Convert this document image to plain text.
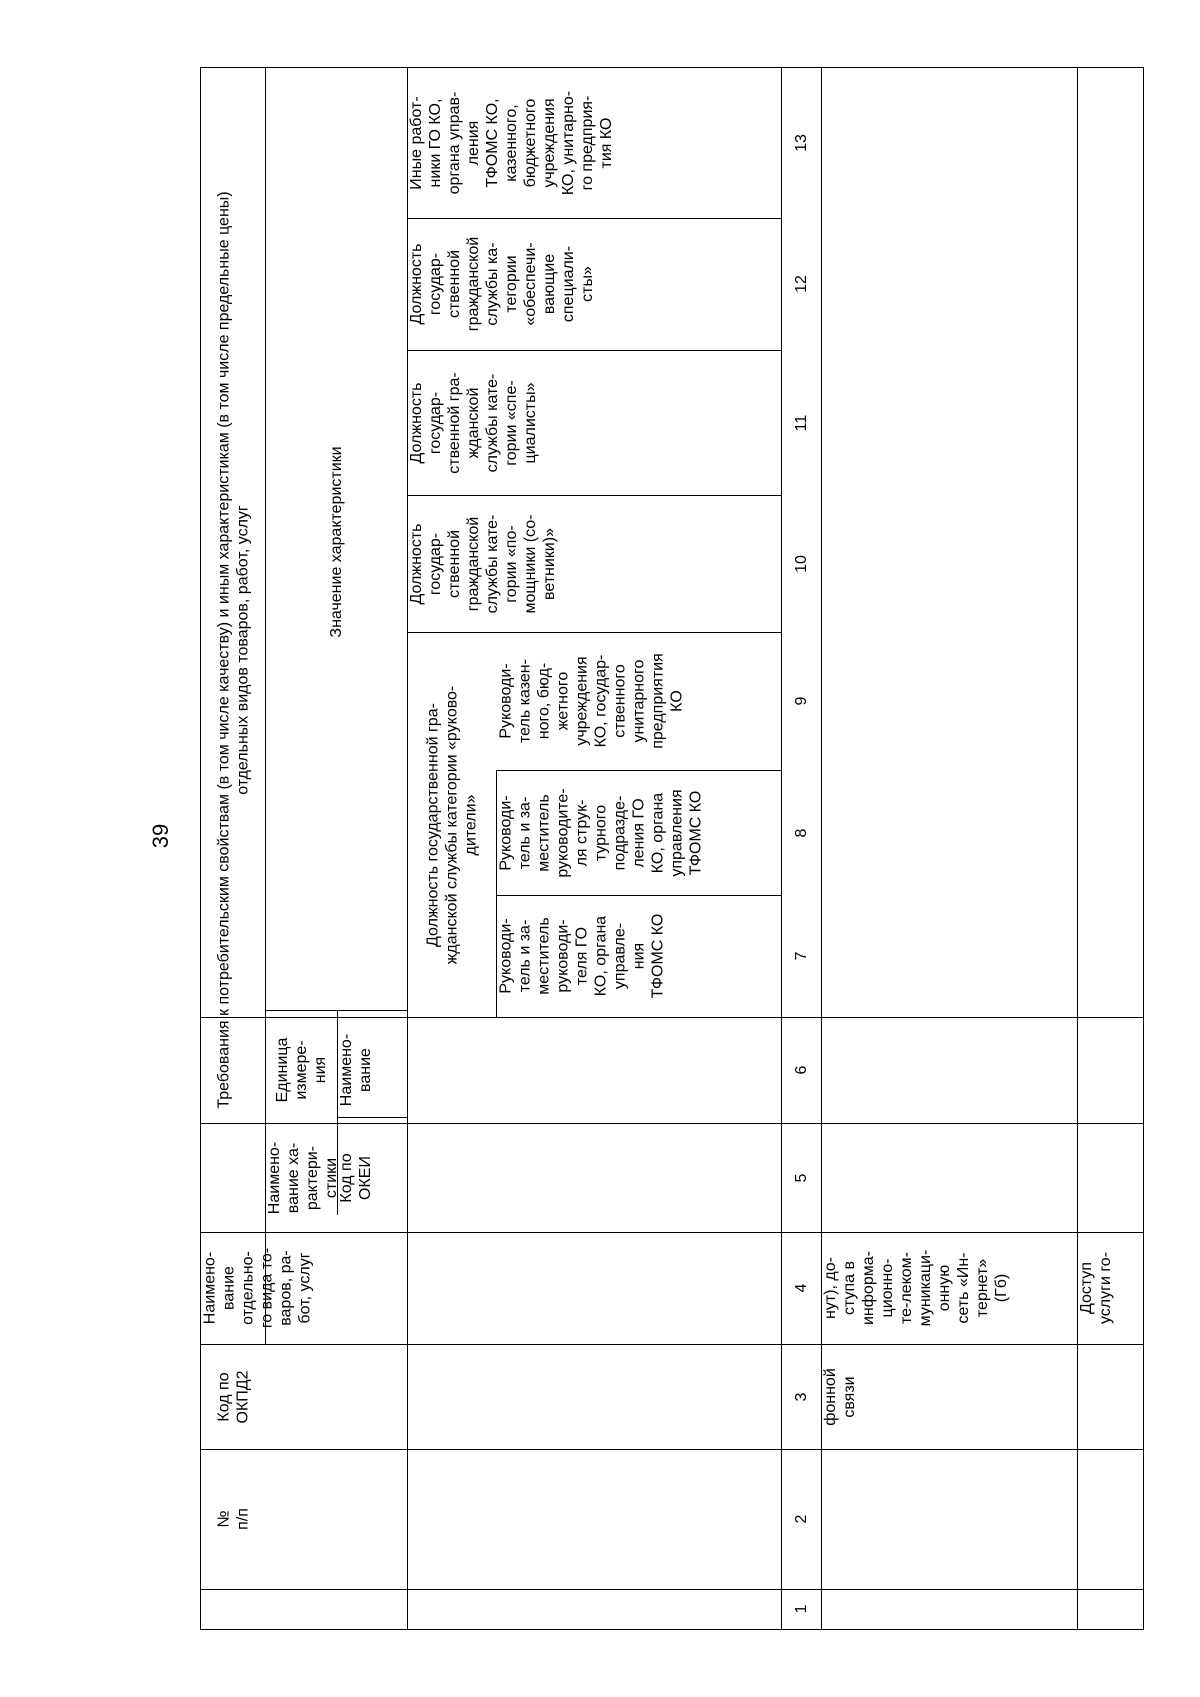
39
№
п/п
Код по
ОКПД2
Наимено-
вание
отдельно-
го вида то-
варов, ра-
бот, услуг
Требования к потребительским свойствам (в том числе качеству) и иным характеристикам (в том числе предельные цены)
отдельных видов товаров, работ, услуг
Наимено-
вание ха-
рактери-
стики
Единица измере-
ния
Код по
ОКЕИ
Наимено-
вание
Значение характеристики
Должность государственной гра-
жданской службы категории «руково-
дители»
Руководи-
тель и за-
меститель
руководи-
теля ГО
КО, органа
управле-
ния
ТФОМС КО
Руководи-
тель и за-
меститель
руководите-
ля струк-
турного
подразде-
ления ГО
КО, органа
управления
ТФОМС КО
Руководи-
тель казен-
ного, бюд-
жетного
учреждения
КО, государ-
ственного
унитарного
предприятия
КО
Должность
государ-
ственной
гражданской
службы кате-
гории «по-
мощники (со-
ветники)»
Должность
государ-
ственной гра-
жданской
службы кате-
гории «спе-
циалисты»
Должность
государ-
ственной
гражданской
службы ка-
тегории
«обеспечи-
вающие
специали-
сты»
Иные работ-
ники ГО КО,
органа управ-
ления
ТФОМС КО,
казенного,
бюджетного
учреждения
КО, унитарно-
го предприя-
тия КО
1
2
3
4
5
6
7
8
9
10
11
12
13
фонной
связи
нут), до-
ступа в
информа-
ционно-
те-леком-
муникаци-
онную
сеть «Ин-
тернет»
(Гб)	Доступ
услуги го-
